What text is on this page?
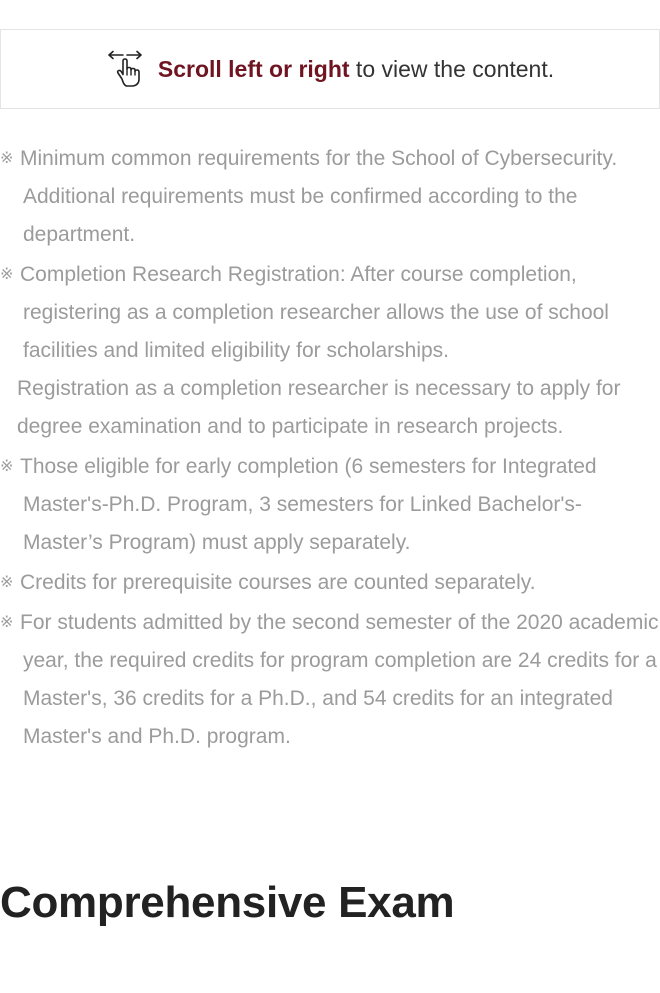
Scroll left or right to view the content.
※ Minimum common requirements for the School of Cybersecurity. Additional requirements must be confirmed according to the department.
※ Completion Research Registration: After course completion, registering as a completion researcher allows the use of school facilities and limited eligibility for scholarships.
Registration as a completion researcher is necessary to apply for degree examination and to participate in research projects.
※ Those eligible for early completion (6 semesters for Integrated Master's-Ph.D. Program, 3 semesters for Linked Bachelor's-Master’s Program) must apply separately.
※ Credits for prerequisite courses are counted separately.
※ For students admitted by the second semester of the 2020 academic year, the required credits for program completion are 24 credits for a Master's, 36 credits for a Ph.D., and 54 credits for an integrated Master's and Ph.D. program.
Comprehensive Exam
